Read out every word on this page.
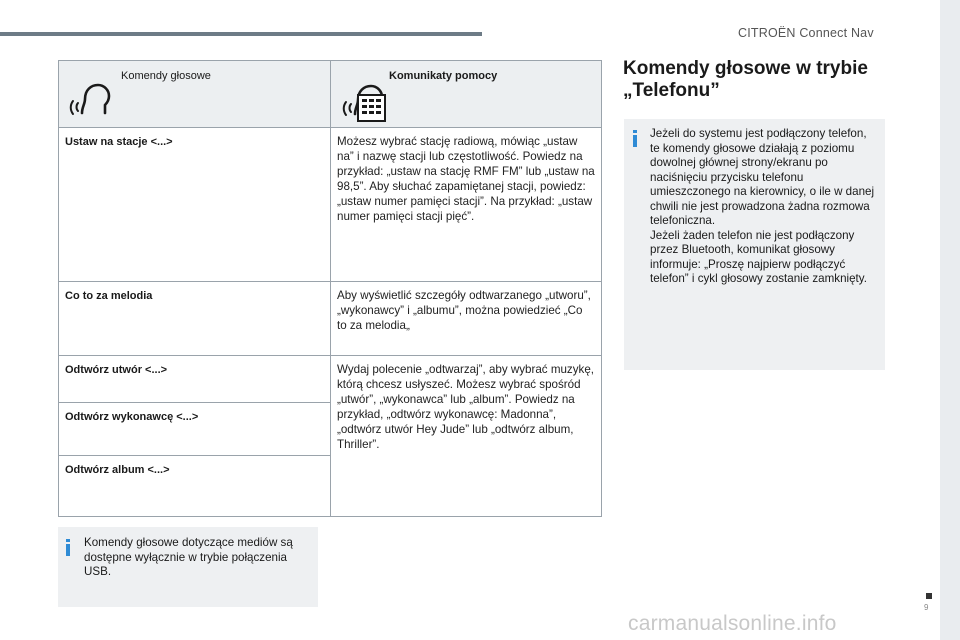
CITROËN Connect Nav
Komendy głosowe	Komunikaty pomocy

Ustaw na stacje <...>	Możesz wybrać stację radiową, mówiąc „ustaw na” i nazwę stacji lub częstotliwość. Powiedz na przykład: „ustaw na stację RMF FM” lub „ustaw na 98,5”. Aby słuchać zapamiętanej stacji, powiedz: „ustaw numer pamięci stacji”. Na przykład: „ustaw numer pamięci stacji pięć”.
Co to za melodia	Aby wyświetlić szczegóły odtwarzanego „utworu”, „wykonawcy” i „albumu”, można powiedzieć „Co to za melodia„
Odtwórz utwór <...>	Wydaj polecenie „odtwarzaj”, aby wybrać muzykę, którą chcesz usłyszeć. Możesz wybrać spośród „utwór”, „wykonawca” lub „album”. Powiedz na przykład, „odtwórz wykonawcę: Madonna”, „odtwórz utwór Hey Jude” lub „odtwórz album, Thriller”.
Odtwórz wykonawcę <...>	
Odtwórz album <...>	
Komendy głosowe dotyczące mediów są dostępne wyłącznie w trybie połączenia USB.
Komendy głosowe w trybie „Telefonu”

Jeżeli do systemu jest podłączony telefon, te komendy głosowe działają z poziomu dowolnej głównej strony/ekranu po naciśnięciu przycisku telefonu umieszczonego na kierownicy, o ile w danej chwili nie jest prowadzona żadna rozmowa telefoniczna.

Jeżeli żaden telefon nie jest podłączony przez Bluetooth, komunikat głosowy informuje: „Proszę najpierw podłączyć telefon” i cykl głosowy zostanie zamknięty.

9
carmanualsonline.info
